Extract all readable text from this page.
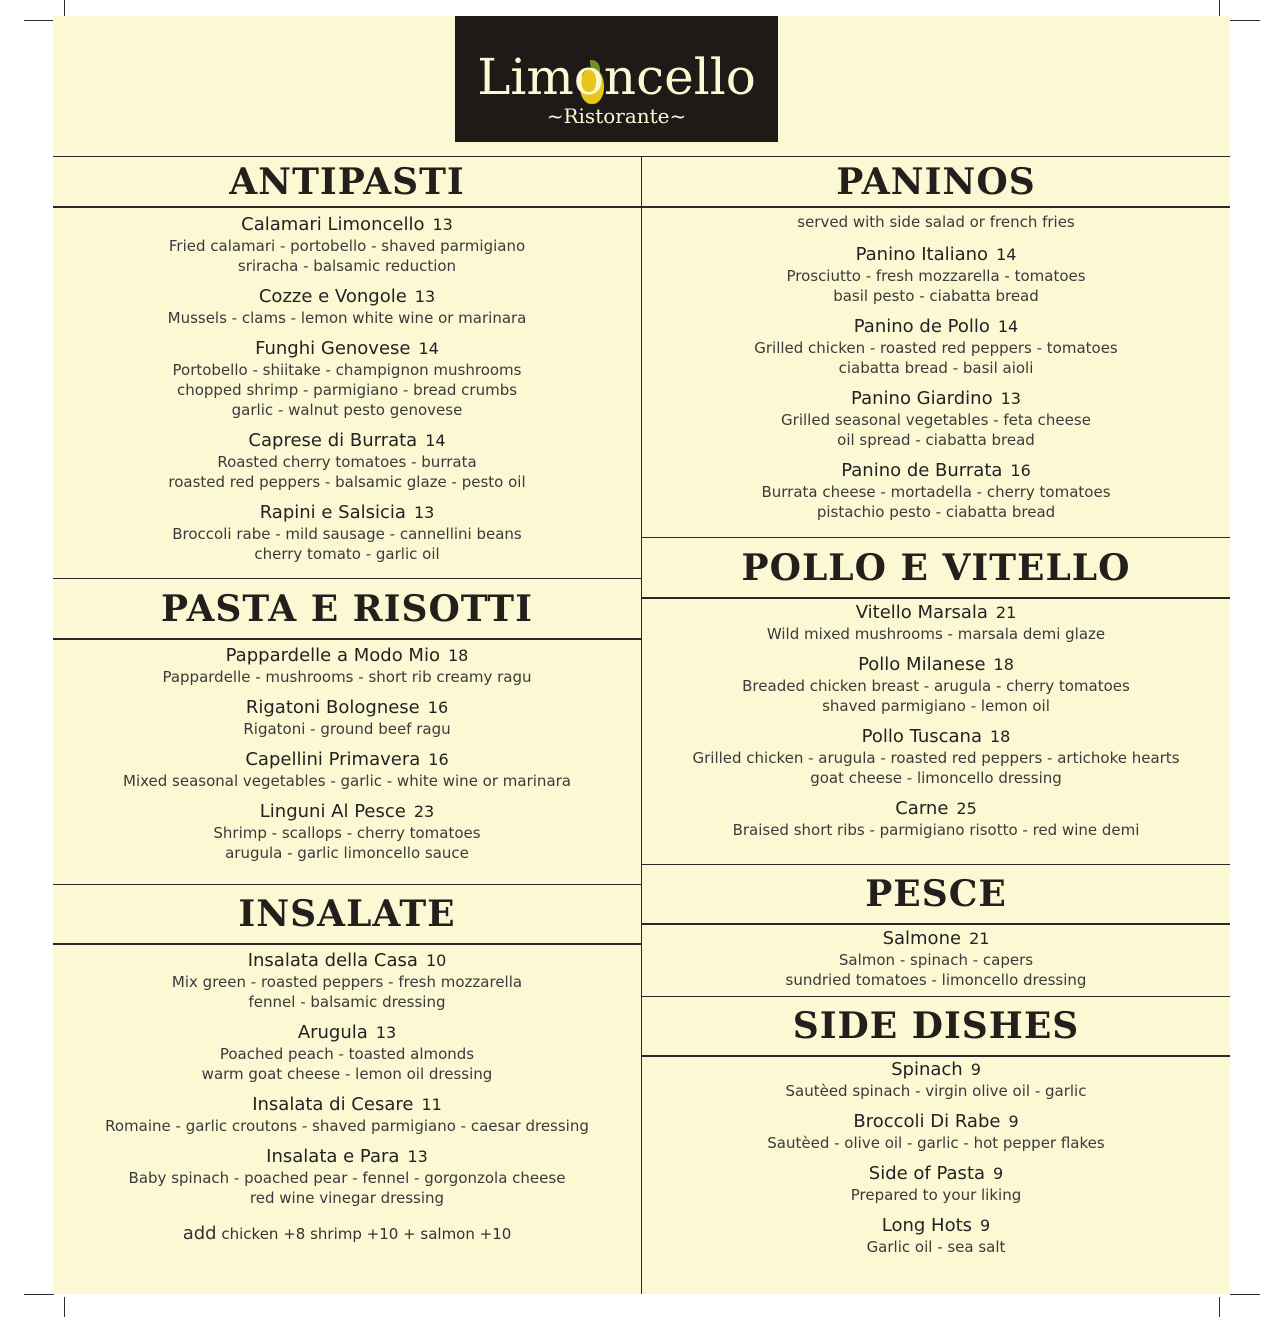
Limoncello
~Ristorante~
ANTIPASTI
Calamari Limoncello 13
Fried calamari - portobello - shaved parmigiano
sriracha - balsamic reduction
Cozze e Vongole 13
Mussels - clams - lemon white wine or marinara
Funghi Genovese 14
Portobello - shiitake - champignon mushrooms
chopped shrimp - parmigiano - bread crumbs
garlic - walnut pesto genovese
Caprese di Burrata 14
Roasted cherry tomatoes - burrata
roasted red peppers - balsamic glaze - pesto oil
Rapini e Salsicia 13
Broccoli rabe - mild sausage - cannellini beans
cherry tomato - garlic oil
PASTA E RISOTTI
Pappardelle a Modo Mio 18
Pappardelle - mushrooms - short rib creamy ragu
Rigatoni Bolognese 16
Rigatoni - ground beef ragu
Capellini Primavera 16
Mixed seasonal vegetables - garlic - white wine or marinara
Linguni Al Pesce 23
Shrimp - scallops - cherry tomatoes
arugula - garlic limoncello sauce
INSALATE
Insalata della Casa 10
Mix green - roasted peppers - fresh mozzarella
fennel - balsamic dressing
Arugula 13
Poached peach - toasted almonds
warm goat cheese - lemon oil dressing
Insalata di Cesare 11
Romaine - garlic croutons - shaved parmigiano - caesar dressing
Insalata e Para 13
Baby spinach - poached pear - fennel - gorgonzola cheese
red wine vinegar dressing
add chicken +8 shrimp +10 + salmon +10
PANINOS
served with side salad or french fries
Panino Italiano 14
Prosciutto - fresh mozzarella - tomatoes
basil pesto - ciabatta bread
Panino de Pollo 14
Grilled chicken - roasted red peppers - tomatoes
ciabatta bread - basil aioli
Panino Giardino 13
Grilled seasonal vegetables - feta cheese
oil spread - ciabatta bread
Panino de Burrata 16
Burrata cheese - mortadella - cherry tomatoes
pistachio pesto - ciabatta bread
POLLO E VITELLO
Vitello Marsala 21
Wild mixed mushrooms - marsala demi glaze
Pollo Milanese 18
Breaded chicken breast - arugula - cherry tomatoes
shaved parmigiano - lemon oil
Pollo Tuscana 18
Grilled chicken - arugula - roasted red peppers - artichoke hearts
goat cheese - limoncello dressing
Carne 25
Braised short ribs - parmigiano risotto - red wine demi
PESCE
Salmone 21
Salmon - spinach - capers
sundried tomatoes - limoncello dressing
SIDE DISHES
Spinach 9
Sautèed spinach - virgin olive oil - garlic
Broccoli Di Rabe 9
Sautèed - olive oil - garlic - hot pepper flakes
Side of Pasta 9
Prepared to your liking
Long Hots 9
Garlic oil - sea salt
